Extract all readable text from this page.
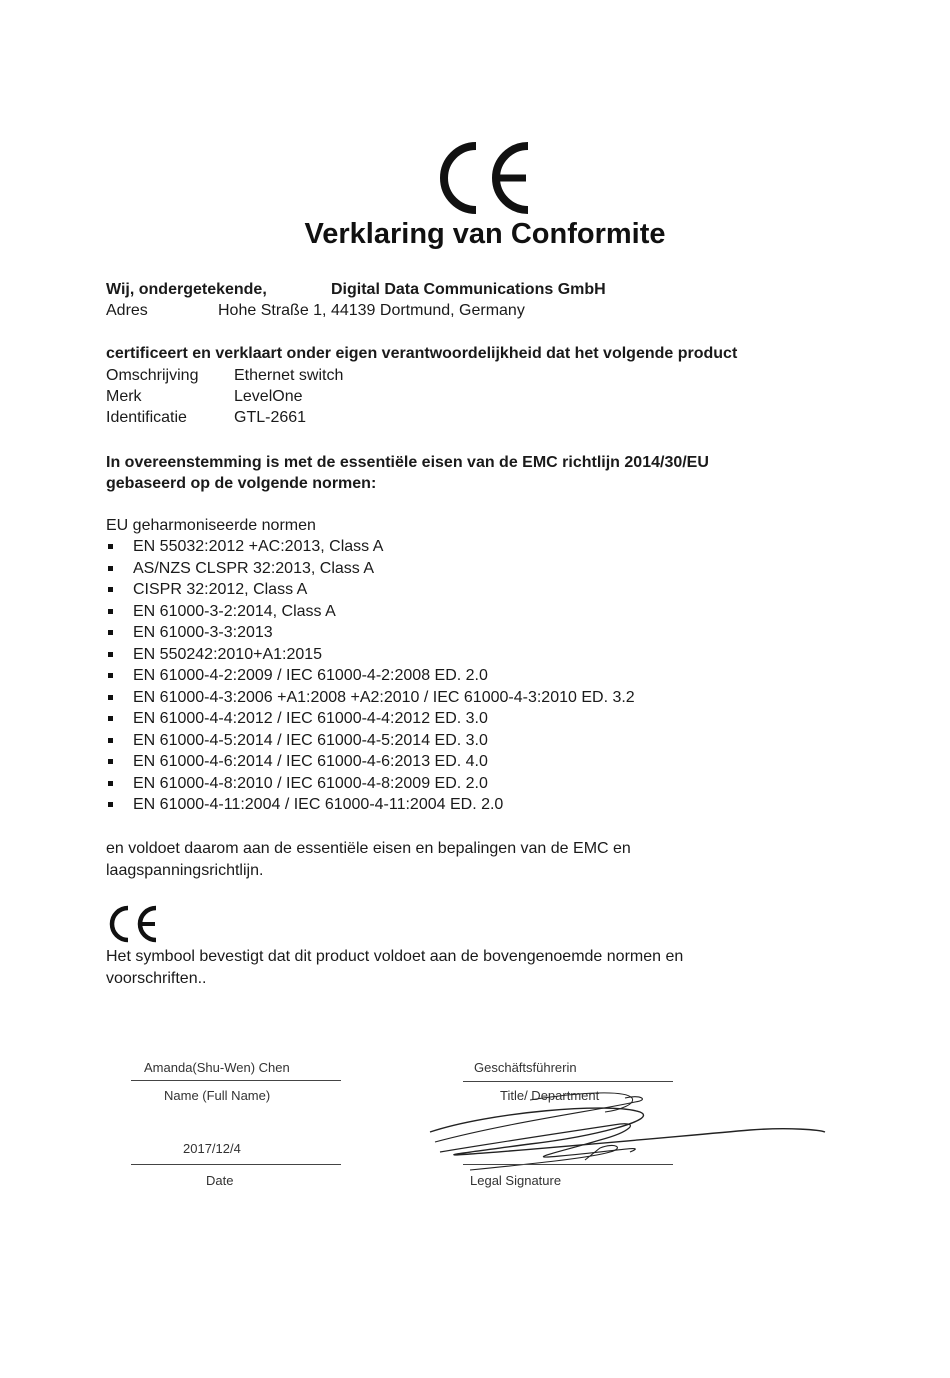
Verklaring van Conformite
Wij, ondergetekende,	Digital Data Communications GmbH
Adres	Hohe Straße 1, 44139 Dortmund, Germany
certificeert en verklaart onder eigen verantwoordelijkheid dat het volgende product
Omschrijving Ethernet switch
Merk	LevelOne
Identificatie	GTL-2661
In overeenstemming is met de essentiële eisen van de EMC richtlijn 2014/30/EU
gebaseerd op de volgende normen:
EU geharmoniseerde normen
EN 55032:2012 +AC:2013, Class A
AS/NZS CLSPR 32:2013, Class A
CISPR 32:2012, Class A
EN 61000-3-2:2014, Class A
EN 61000-3-3:2013
EN 550242:2010+A1:2015
EN 61000-4-2:2009 / IEC 61000-4-2:2008 ED. 2.0
EN 61000-4-3:2006 +A1:2008 +A2:2010 / IEC 61000-4-3:2010 ED. 3.2
EN 61000-4-4:2012 / IEC 61000-4-4:2012 ED. 3.0
EN 61000-4-5:2014 / IEC 61000-4-5:2014 ED. 3.0
EN 61000-4-6:2014 / IEC 61000-4-6:2013 ED. 4.0
EN 61000-4-8:2010 / IEC 61000-4-8:2009 ED. 2.0
EN 61000-4-11:2004 / IEC 61000-4-11:2004 ED. 2.0
en voldoet daarom aan de essentiële eisen en bepalingen van de EMC en
laagspanningsrichtlijn.
Het symbool bevestigt dat dit product voldoet aan de bovengenoemde normen en
voorschriften..
Amanda(Shu-Wen) Chen
Name (Full Name)
2017/12/4
Date
Geschäftsführerin
Title/ Department
Legal Signature
